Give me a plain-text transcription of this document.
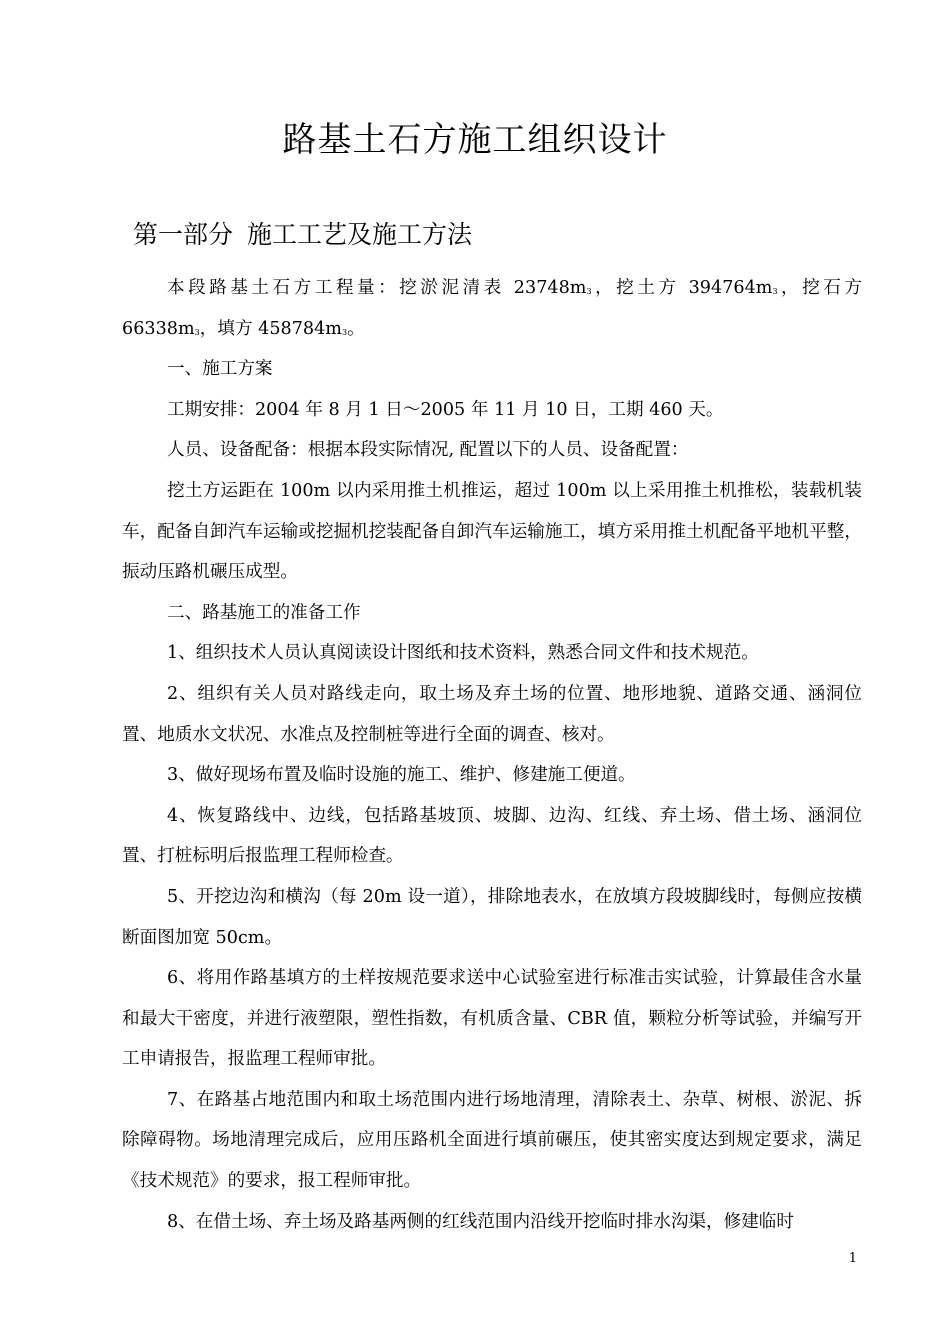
路基土石方施工组织设计
第一部分 施工工艺及施工方法

本段路基土石方工程量：挖淤泥清表 $23748m^3$，挖土方 $394764m^3$，挖石方 $66338m^3$，填方 $458784m^3$。

一、施工方案

工期安排：2004 年 8 月 1 日～2005 年 11 月 10 日，工期 460 天。

人员、设备配备：根据本段实际情况, 配置以下的人员、设备配置：

挖土方运距在 100m 以内采用推土机推运，超过 100m 以上采用推土机推松，装载机装车，配备自卸汽车运输或挖掘机挖装配备自卸汽车运输施工，填方采用推土机配备平地机平整，振动压路机碾压成型。

二、路基施工的准备工作

1、组织技术人员认真阅读设计图纸和技术资料，熟悉合同文件和技术规范。

2、组织有关人员对路线走向，取土场及弃土场的位置、地形地貌、道路交通、涵洞位置、地质水文状况、水准点及控制桩等进行全面的调查、核对。

3、做好现场布置及临时设施的施工、维护、修建施工便道。

4、恢复路线中、边线，包括路基坡顶、坡脚、边沟、红线、弃土场、借土场、涵洞位置、打桩标明后报监理工程师检查。

5、开挖边沟和横沟（每 20m 设一道），排除地表水，在放填方段坡脚线时，每侧应按横断面图加宽 50cm。

6、将用作路基填方的土样按规范要求送中心试验室进行标准击实试验，计算最佳含水量和最大干密度，并进行液塑限，塑性指数，有机质含量、CBR 值，颗粒分析等试验，并编写开工申请报告，报监理工程师审批。

7、在路基占地范围内和取土场范围内进行场地清理，清除表土、杂草、树根、淤泥、拆除障碍物。场地清理完成后，应用压路机全面进行填前碾压，使其密实度达到规定要求，满足《技术规范》的要求，报工程师审批。

8、在借土场、弃土场及路基两侧的红线范围内沿线开挖临时排水沟渠，修建临时

1
